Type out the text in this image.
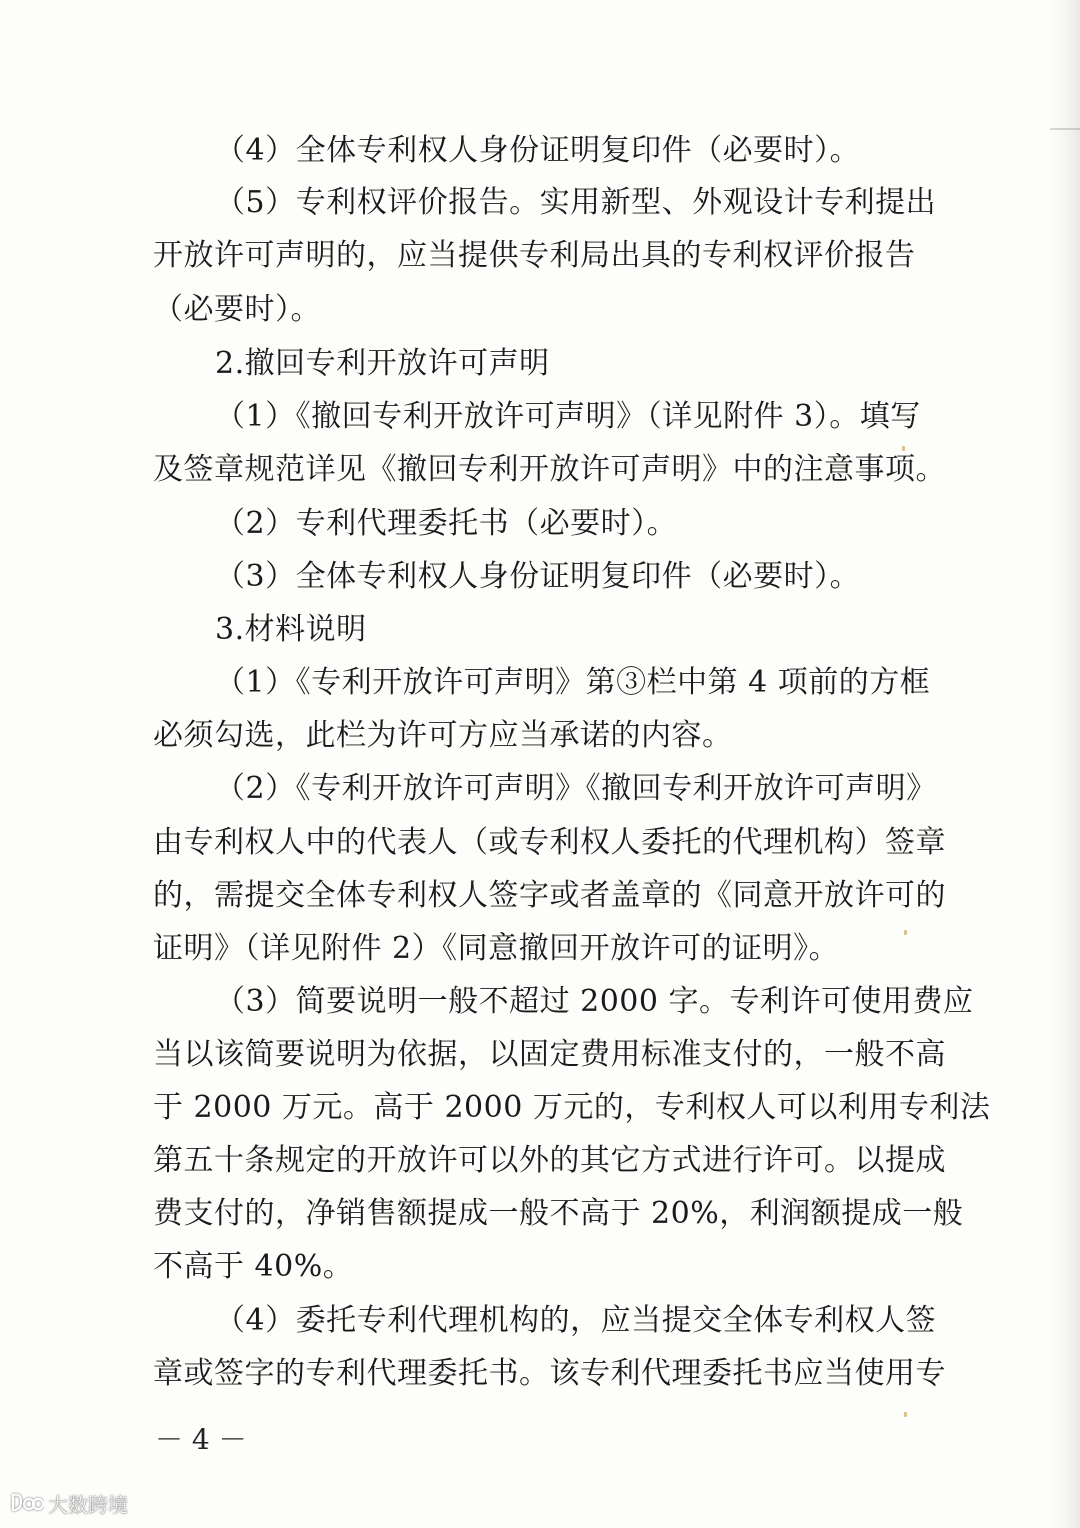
（4）全体专利权人身份证明复印件（必要时）。
（5）专利权评价报告。实用新型、外观设计专利提出
开放许可声明的，应当提供专利局出具的专利权评价报告
（必要时）。
2.撤回专利开放许可声明
（1）《撤回专利开放许可声明》（详见附件 3）。填写
及签章规范详见《撤回专利开放许可声明》中的注意事项。
（2）专利代理委托书（必要时）。
（3）全体专利权人身份证明复印件（必要时）。
3.材料说明
（1）《专利开放许可声明》第③栏中第 4 项前的方框
必须勾选，此栏为许可方应当承诺的内容。
（2）《专利开放许可声明》《撤回专利开放许可声明》
由专利权人中的代表人（或专利权人委托的代理机构）签章
的，需提交全体专利权人签字或者盖章的《同意开放许可的
证明》（详见附件 2）《同意撤回开放许可的证明》。
（3）简要说明一般不超过 2000 字。专利许可使用费应
当以该简要说明为依据，以固定费用标准支付的，一般不高
于 2000 万元。高于 2000 万元的，专利权人可以利用专利法
第五十条规定的开放许可以外的其它方式进行许可。以提成
费支付的，净销售额提成一般不高于 20%，利润额提成一般
不高于 40%。
（4）委托专利代理机构的，应当提交全体专利权人签
章或签字的专利代理委托书。该专利代理委托书应当使用专
－ 4 －
大数跨境
